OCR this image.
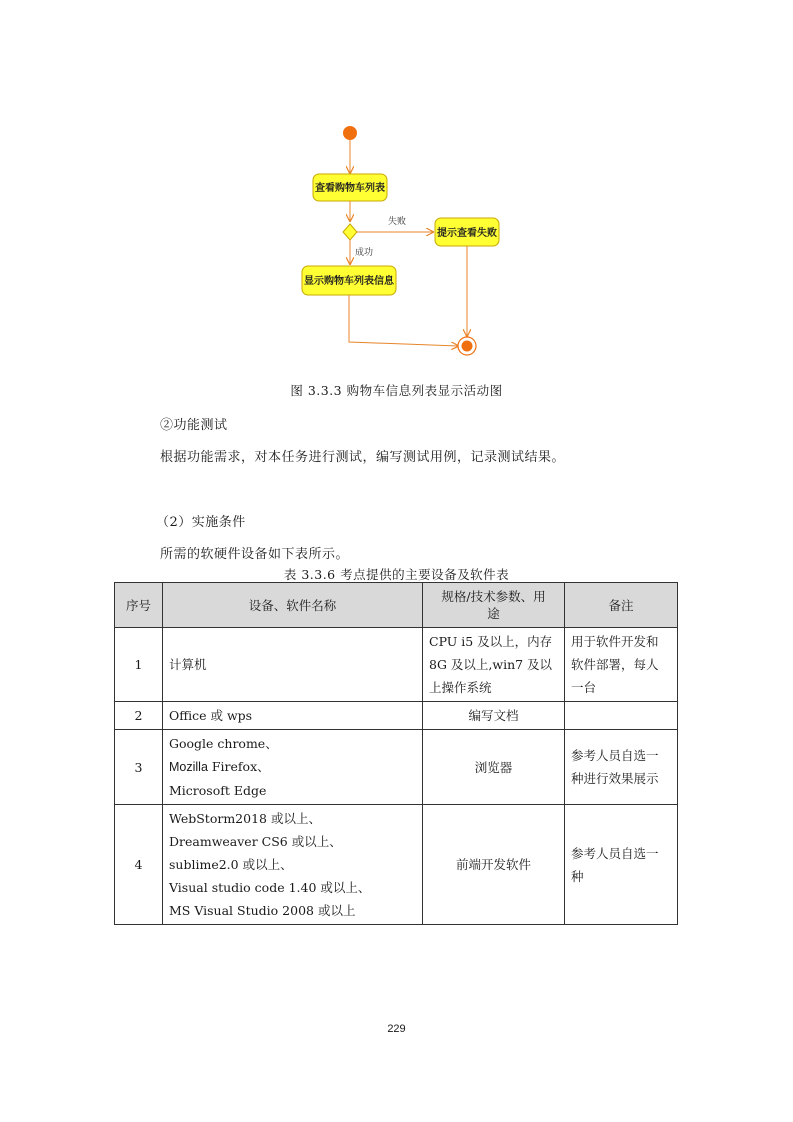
查看购物车列表
失败
提示查看失败
成功
显示购物车列表信息
图 3.3.3 购物车信息列表显示活动图
②功能测试
根据功能需求，对本任务进行测试，编写测试用例，记录测试结果。
（2）实施条件
所需的软硬件设备如下表所示。
表 3.3.6 考点提供的主要设备及软件表
序号	设备、软件名称	规格/技术参数、用
途	备注
1	计算机	CPU i5 及以上，内存
8G 及以上,win7 及以
上操作系统	用于软件开发和
软件部署，每人
一台

2	Office 或 wps	编写文档	

3	Google chrome、
Mozilla Firefox、
Microsoft Edge	浏览器	参考人员自选一
种进行效果展示

4	WebStorm2018 或以上、
Dreamweaver CS6 或以上、
sublime2.0 或以上、
Visual studio code 1.40 或以上、
MS Visual Studio 2008 或以上	前端开发软件	参考人员自选一
种
229
